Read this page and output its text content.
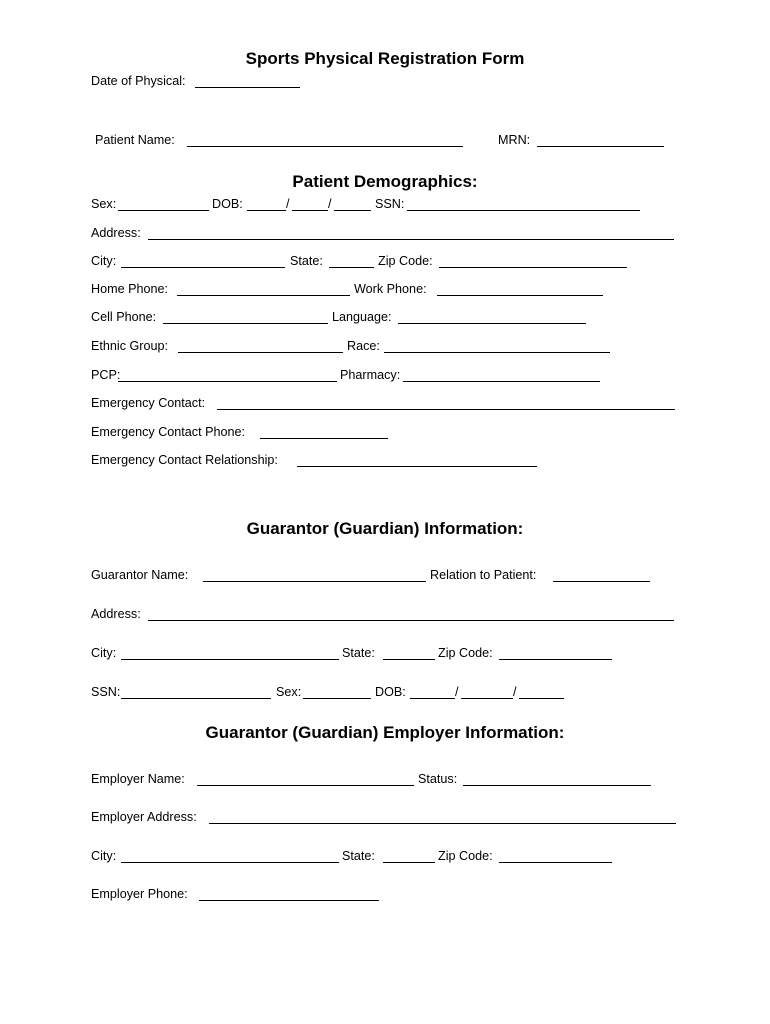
Sports Physical Registration Form
Date of Physical:
Patient Name:	MRN:
Patient Demographics:
Sex:	DOB:	/	/	SSN:
Address:
City:	State:	Zip Code:
Home Phone:	Work Phone:
Cell Phone:	Language:
Ethnic Group:	Race:
PCP:	Pharmacy:
Emergency Contact:
Emergency Contact Phone:
Emergency Contact Relationship:
Guarantor (Guardian) Information:
Guarantor Name:	Relation to Patient:
Address:
City:	State:	Zip Code:
SSN:	Sex:	DOB:	/	/
Guarantor (Guardian) Employer Information:
Employer Name:	Status:
Employer Address:
City:	State:	Zip Code:
Employer Phone:
